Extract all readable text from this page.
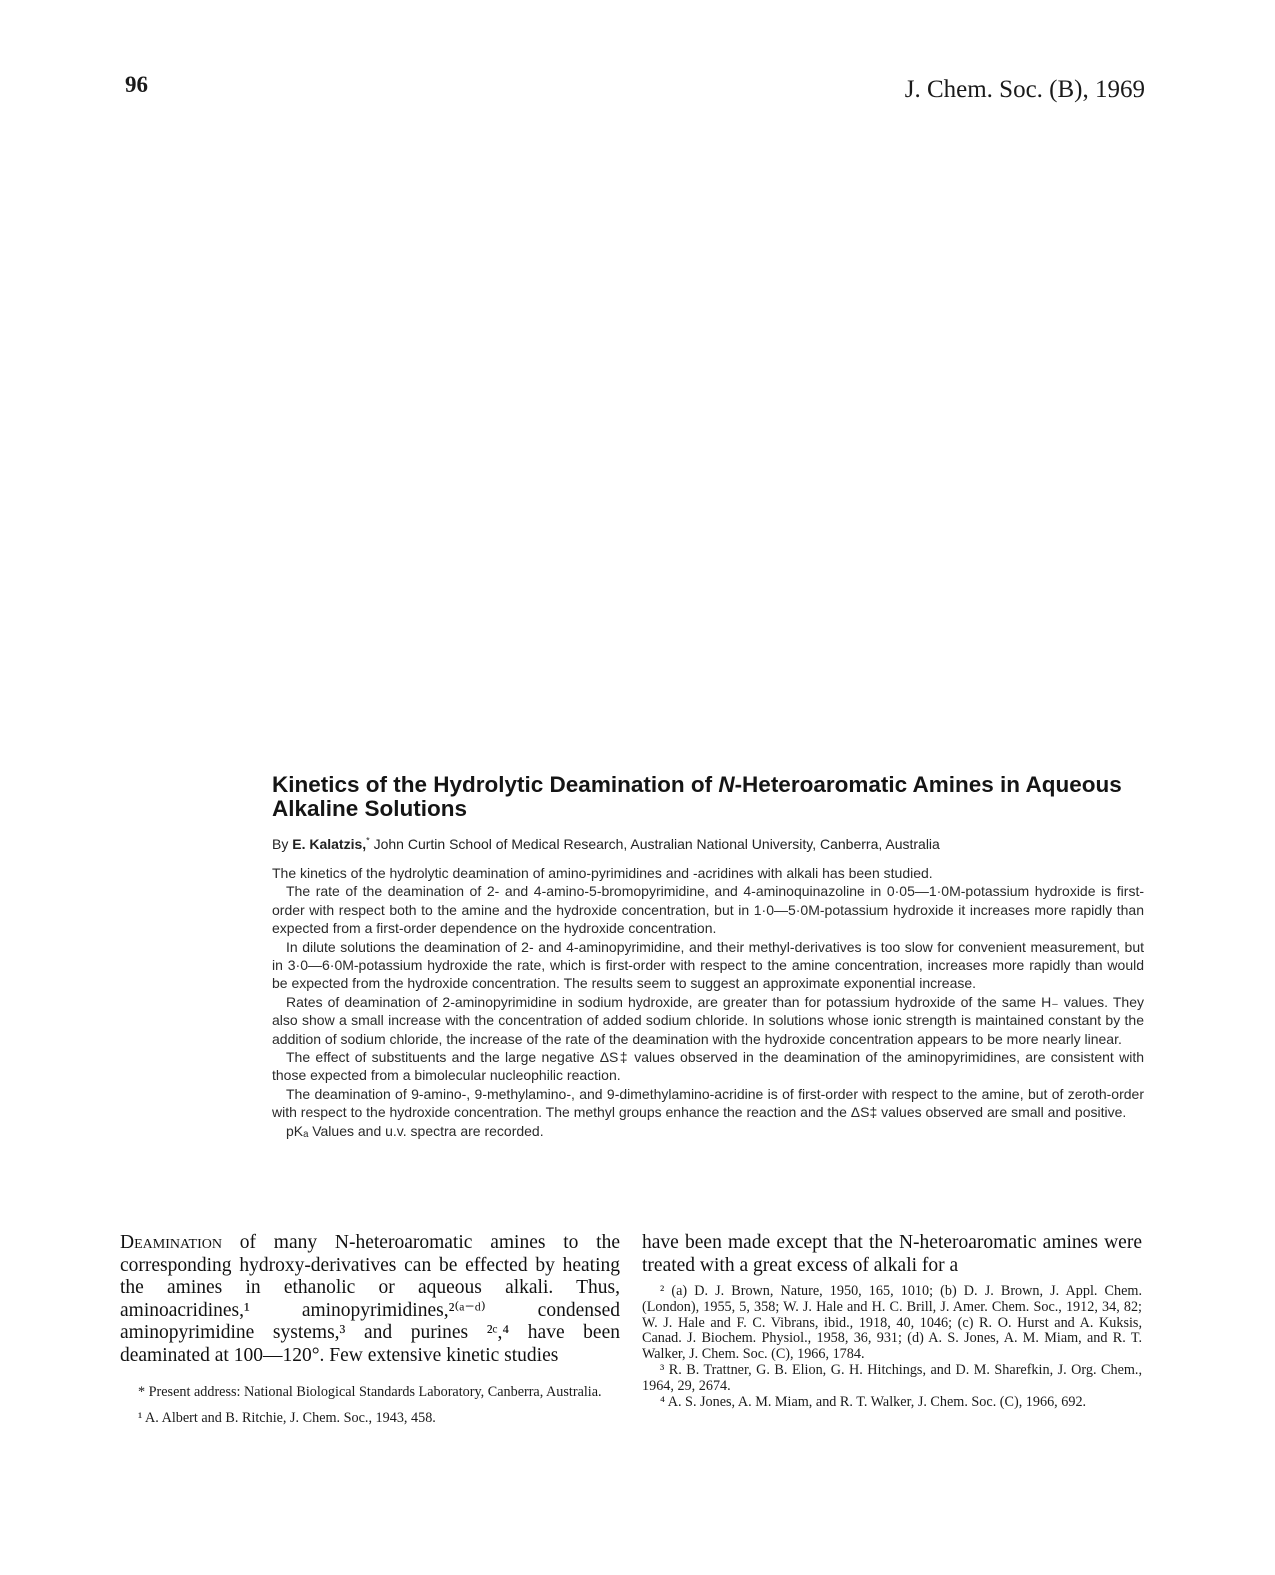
96	J. Chem. Soc. (B), 1969
Kinetics of the Hydrolytic Deamination of N-Heteroaromatic Amines in Aqueous Alkaline Solutions
By E. Kalatzis,* John Curtin School of Medical Research, Australian National University, Canberra, Australia

The kinetics of the hydrolytic deamination of amino-pyrimidines and -acridines with alkali has been studied.

The rate of the deamination of 2- and 4-amino-5-bromopyrimidine, and 4-aminoquinazoline in 0·05—1·0M-potassium hydroxide is first-order with respect both to the amine and the hydroxide concentration, but in 1·0—5·0M-potassium hydroxide it increases more rapidly than expected from a first-order dependence on the hydroxide concentration.

In dilute solutions the deamination of 2- and 4-aminopyrimidine, and their methyl-derivatives is too slow for convenient measurement, but in 3·0—6·0M-potassium hydroxide the rate, which is first-order with respect to the amine concentration, increases more rapidly than would be expected from the hydroxide concentration. The results seem to suggest an approximate exponential increase.

Rates of deamination of 2-aminopyrimidine in sodium hydroxide, are greater than for potassium hydroxide of the same H₋ values. They also show a small increase with the concentration of added sodium chloride. In solutions whose ionic strength is maintained constant by the addition of sodium chloride, the increase of the rate of the deamination with the hydroxide concentration appears to be more nearly linear.

The effect of substituents and the large negative ΔS‡ values observed in the deamination of the aminopyrimidines, are consistent with those expected from a bimolecular nucleophilic reaction.

The deamination of 9-amino-, 9-methylamino-, and 9-dimethylamino-acridine is of first-order with respect to the amine, but of zeroth-order with respect to the hydroxide concentration. The methyl groups enhance the reaction and the ΔS‡ values observed are small and positive.

pKₐ Values and u.v. spectra are recorded.

Deamination of many N-heteroaromatic amines to the corresponding hydroxy-derivatives can be effected by heating the amines in ethanolic or aqueous alkali. Thus, aminoacridines,¹ aminopyrimidines,²⁽ᵃ⁻ᵈ⁾ condensed aminopyrimidine systems,³ and purines ²ᶜ,⁴ have been deaminated at 100—120°. Few extensive kinetic studies

* Present address: National Biological Standards Laboratory, Canberra, Australia.

¹ A. Albert and B. Ritchie, J. Chem. Soc., 1943, 458.

have been made except that the N-heteroaromatic amines were treated with a great excess of alkali for a

² (a) D. J. Brown, Nature, 1950, 165, 1010; (b) D. J. Brown, J. Appl. Chem. (London), 1955, 5, 358; W. J. Hale and H. C. Brill, J. Amer. Chem. Soc., 1912, 34, 82; W. J. Hale and F. C. Vibrans, ibid., 1918, 40, 1046; (c) R. O. Hurst and A. Kuksis, Canad. J. Biochem. Physiol., 1958, 36, 931; (d) A. S. Jones, A. M. Miam, and R. T. Walker, J. Chem. Soc. (C), 1966, 1784.

³ R. B. Trattner, G. B. Elion, G. H. Hitchings, and D. M. Sharefkin, J. Org. Chem., 1964, 29, 2674.

⁴ A. S. Jones, A. M. Miam, and R. T. Walker, J. Chem. Soc. (C), 1966, 692.
